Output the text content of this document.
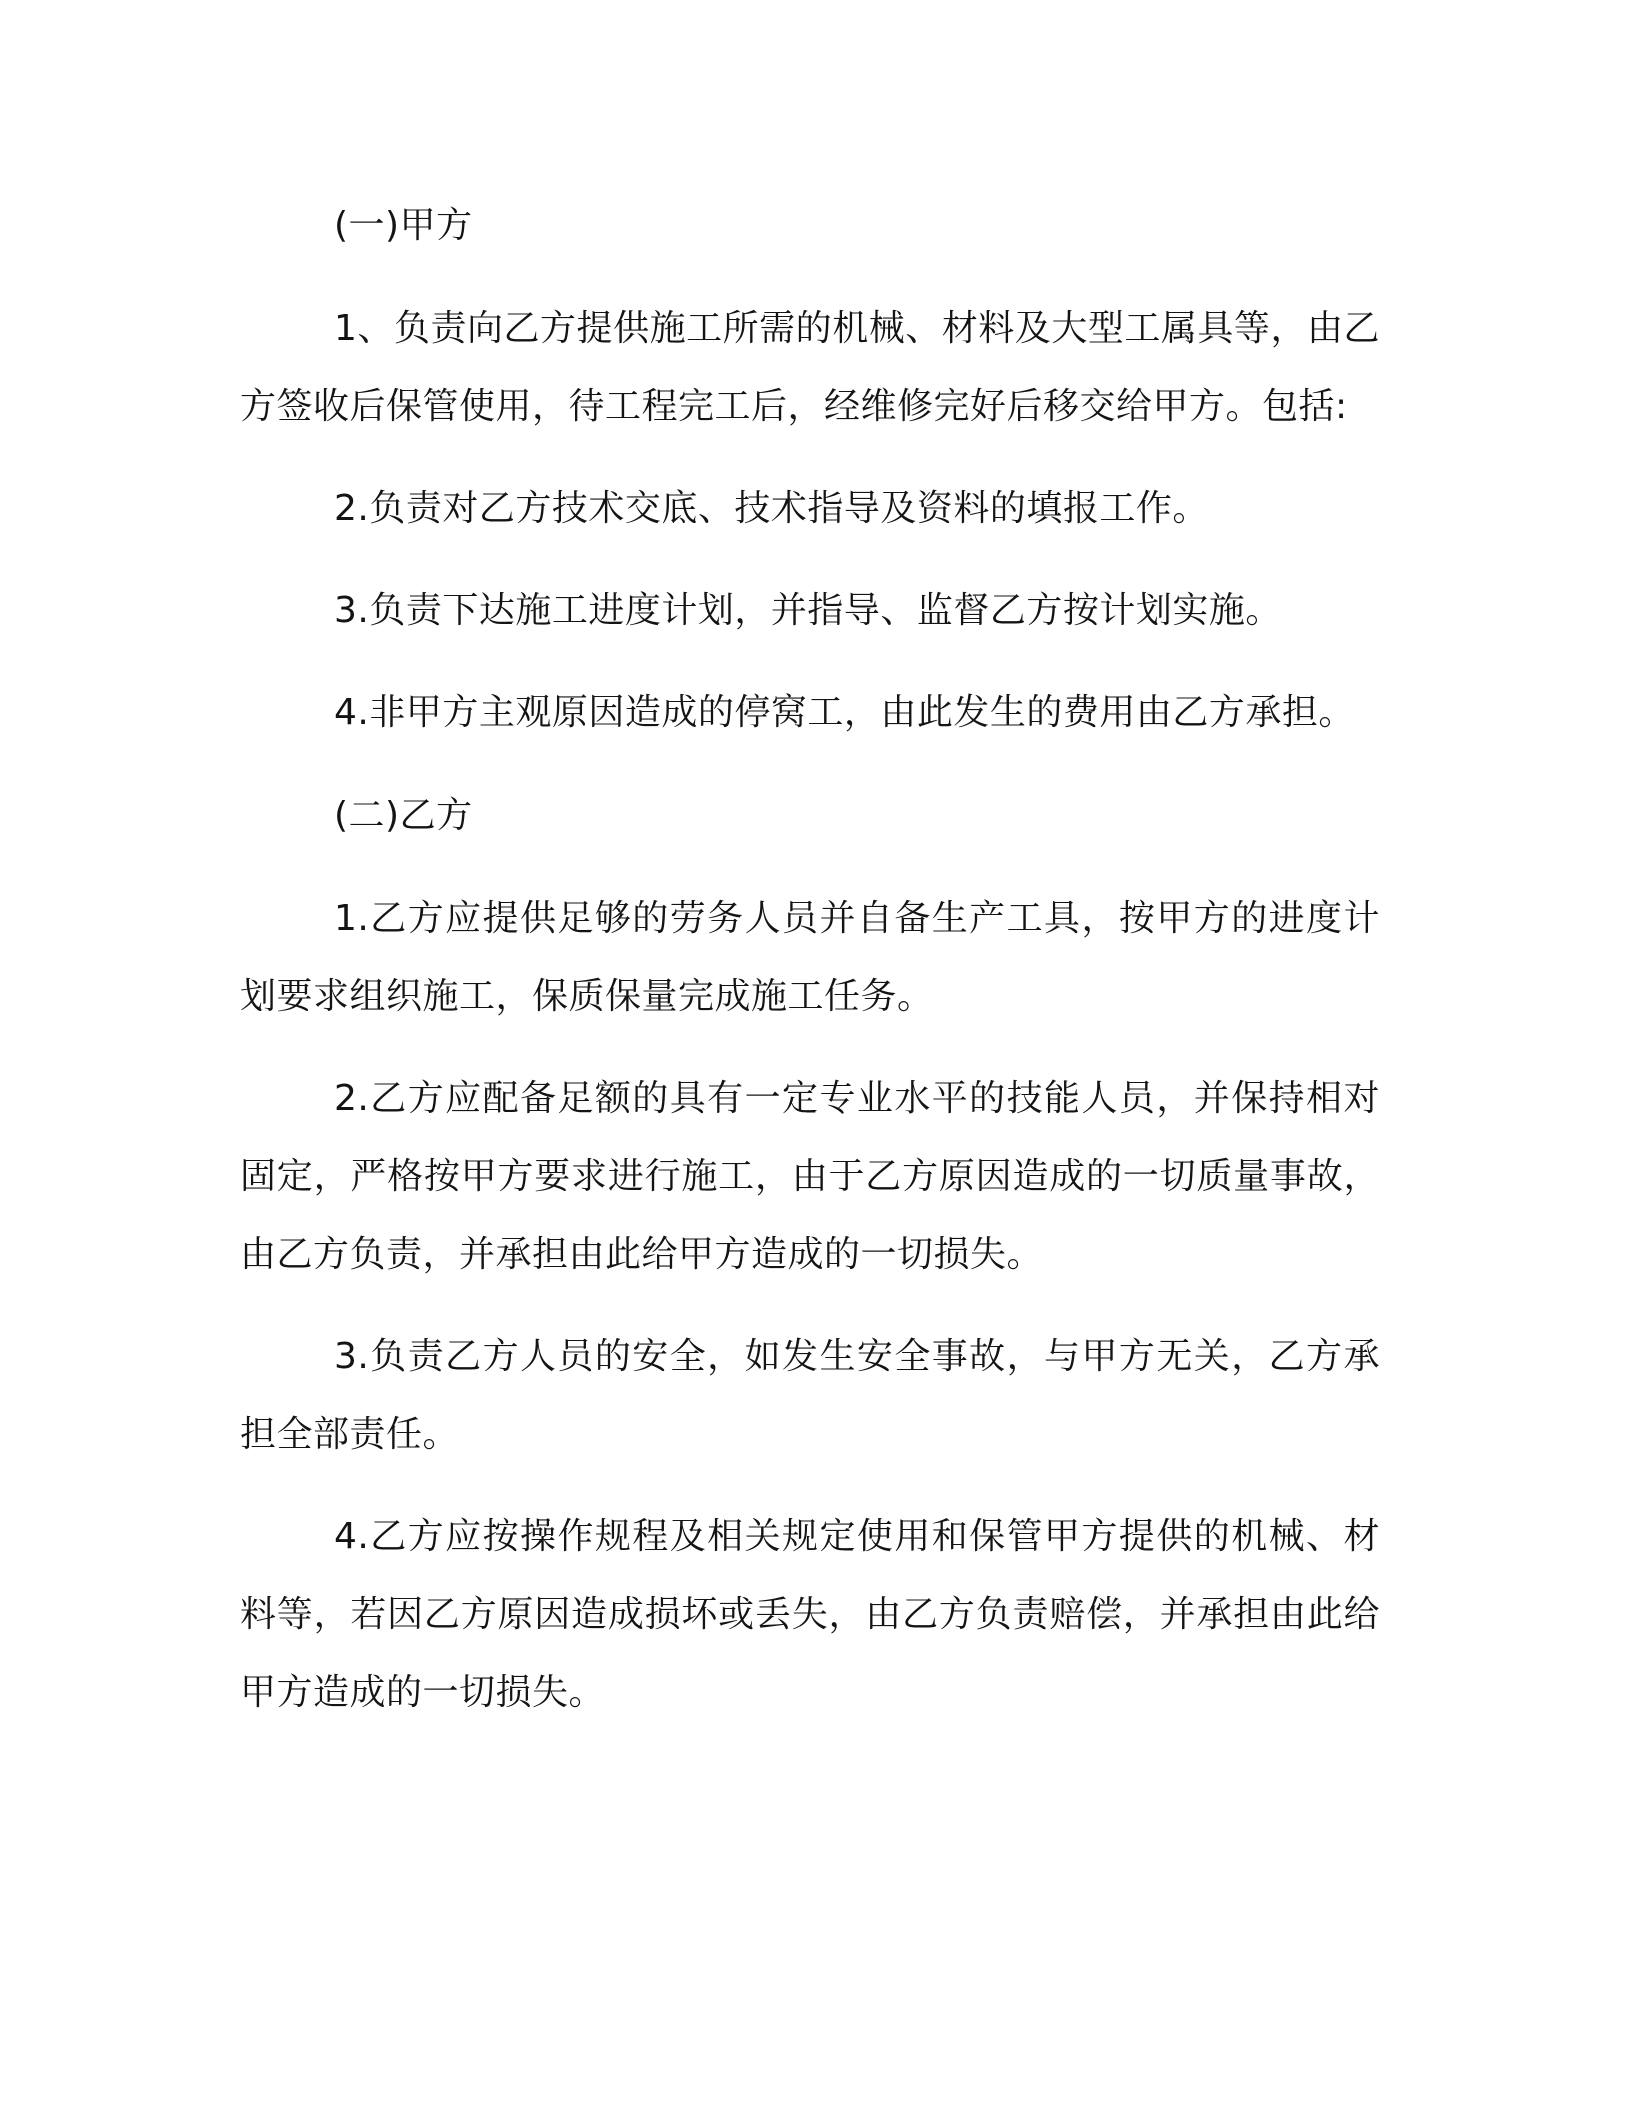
(一)甲方

1、负责向乙方提供施工所需的机械、材料及大型工属具等，由乙方签收后保管使用，待工程完工后，经维修完好后移交给甲方。包括:

2.负责对乙方技术交底、技术指导及资料的填报工作。

3.负责下达施工进度计划，并指导、监督乙方按计划实施。

4.非甲方主观原因造成的停窝工，由此发生的费用由乙方承担。

(二)乙方

1.乙方应提供足够的劳务人员并自备生产工具，按甲方的进度计划要求组织施工，保质保量完成施工任务。

2.乙方应配备足额的具有一定专业水平的技能人员，并保持相对固定，严格按甲方要求进行施工，由于乙方原因造成的一切质量事故，由乙方负责，并承担由此给甲方造成的一切损失。

3.负责乙方人员的安全，如发生安全事故，与甲方无关，乙方承担全部责任。

4.乙方应按操作规程及相关规定使用和保管甲方提供的机械、材料等，若因乙方原因造成损坏或丢失，由乙方负责赔偿，并承担由此给甲方造成的一切损失。
